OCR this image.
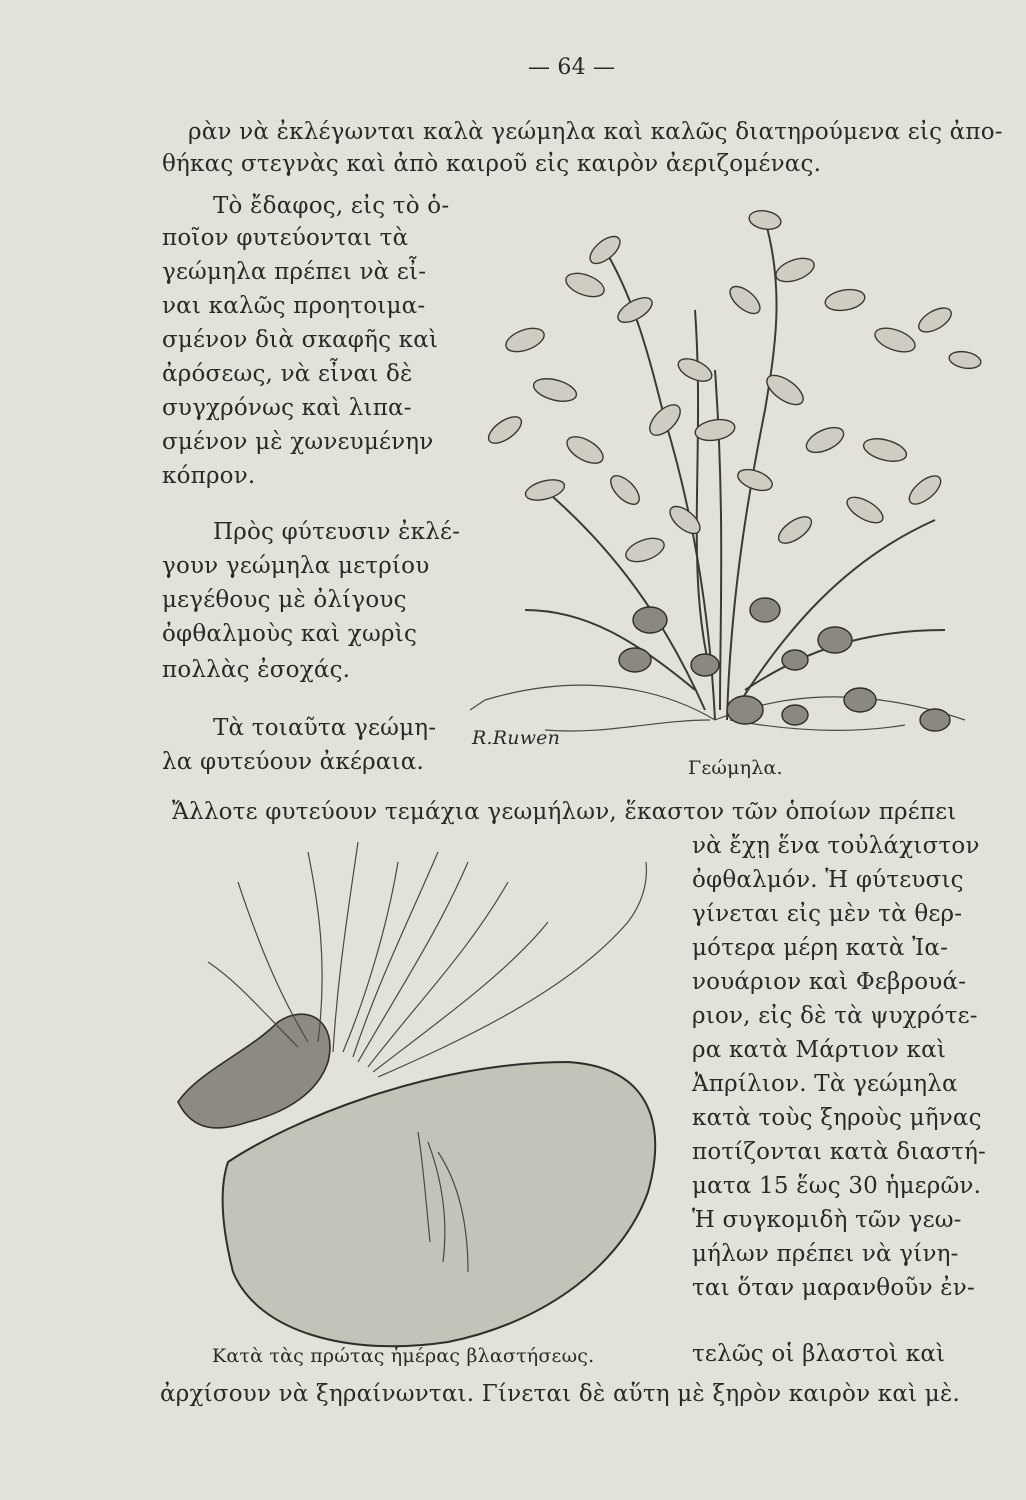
— 64 —
ρὰν νὰ ἐκλέγωνται καλὰ γεώμηλα καὶ καλῶς διατηρούμενα εἰς ἀπο-
θήκας στεγνὰς καὶ ἀπὸ καιροῦ εἰς καιρὸν ἀεριζομένας.
Τὸ ἔδαφος, εἰς τὸ ὁ-
ποῖον φυτεύονται τὰ
γεώμηλα πρέπει νὰ εἶ-
ναι καλῶς προητοιμα-
σμένον διὰ σκαφῆς καὶ
ἀρόσεως, νὰ εἶναι δὲ
συγχρόνως καὶ λιπα-
σμένον μὲ χωνευμένην
κόπρον.
Πρὸς φύτευσιν ἐκλέ-
γουν γεώμηλα μετρίου
μεγέθους μὲ ὀλίγους
ὀφθαλμοὺς καὶ χωρὶς
πολλὰς ἐσοχάς.
Τὰ τοιαῦτα γεώμη-
λα φυτεύουν ἀκέραια.
R.Ruwen
Γεώμηλα.
Ἄλλοτε φυτεύουν τεμάχια γεωμήλων, ἕκαστον τῶν ὁποίων πρέπει
νὰ ἔχῃ ἕνα τοὐλάχιστον
ὀφθαλμόν. Ἡ φύτευσις
γίνεται εἰς μὲν τὰ θερ-
μότερα μέρη κατὰ Ἰα-
νουάριον καὶ Φεβρουά-
ριον, εἰς δὲ τὰ ψυχρότε-
ρα κατὰ Μάρτιον καὶ
Ἀπρίλιον. Τὰ γεώμηλα
κατὰ τοὺς ξηροὺς μῆνας
ποτίζονται κατὰ διαστή-
ματα 15 ἕως 30 ἡμερῶν.
Ἡ συγκομιδὴ τῶν γεω-
μήλων πρέπει νὰ γίνη-
ται ὅταν μαρανθοῦν ἐν-
Κατὰ τὰς πρώτας ἡμέρας βλαστήσεως.	τελῶς οἱ βλαστοὶ καὶ
ἀρχίσουν νὰ ξηραίνωνται. Γίνεται δὲ αὕτη μὲ ξηρὸν καιρὸν καὶ μὲ.
